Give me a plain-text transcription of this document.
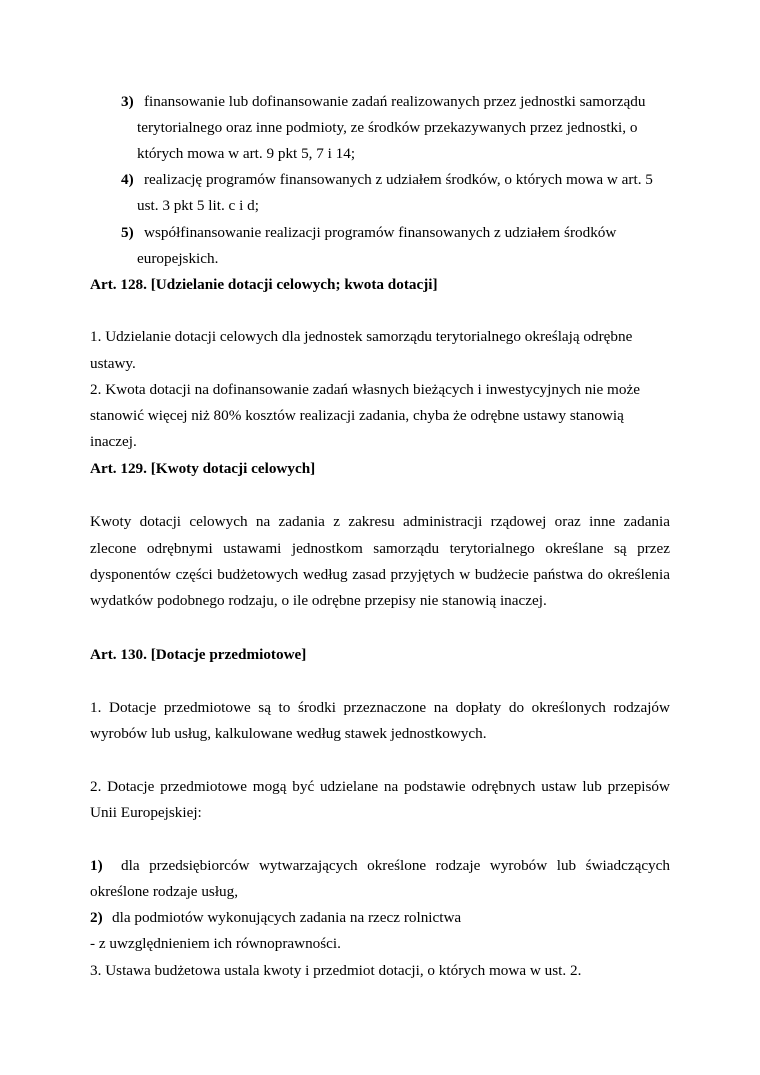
3) finansowanie lub dofinansowanie zadań realizowanych przez jednostki samorządu
terytorialnego oraz inne podmioty, ze środków przekazywanych przez jednostki, o
których mowa w art. 9 pkt 5, 7 i 14;
4) realizację programów finansowanych z udziałem środków, o których mowa w art. 5
ust. 3 pkt 5 lit. c i d;
5) współfinansowanie realizacji programów finansowanych z udziałem środków
europejskich.
Art. 128. [Udzielanie dotacji celowych; kwota dotacji]
1. Udzielanie dotacji celowych dla jednostek samorządu terytorialnego określają odrębne
ustawy.
2. Kwota dotacji na dofinansowanie zadań własnych bieżących i inwestycyjnych nie może
stanowić więcej niż 80% kosztów realizacji zadania, chyba że odrębne ustawy stanowią
inaczej.
Art. 129. [Kwoty dotacji celowych]
Kwoty dotacji celowych na zadania z zakresu administracji rządowej oraz inne zadania
zlecone odrębnymi ustawami jednostkom samorządu terytorialnego określane są przez
dysponentów części budżetowych według zasad przyjętych w budżecie państwa do określenia
wydatków podobnego rodzaju, o ile odrębne przepisy nie stanowią inaczej.
Art. 130. [Dotacje przedmiotowe]
1. Dotacje przedmiotowe są to środki przeznaczone na dopłaty do określonych rodzajów
wyrobów lub usług, kalkulowane według stawek jednostkowych.
2. Dotacje przedmiotowe mogą być udzielane na podstawie odrębnych ustaw lub przepisów
Unii Europejskiej:
1) dla przedsiębiorców wytwarzających określone rodzaje wyrobów lub świadczących
określone rodzaje usług,
2) dla podmiotów wykonujących zadania na rzecz rolnictwa
- z uwzględnieniem ich równoprawności.
3. Ustawa budżetowa ustala kwoty i przedmiot dotacji, o których mowa w ust. 2.
